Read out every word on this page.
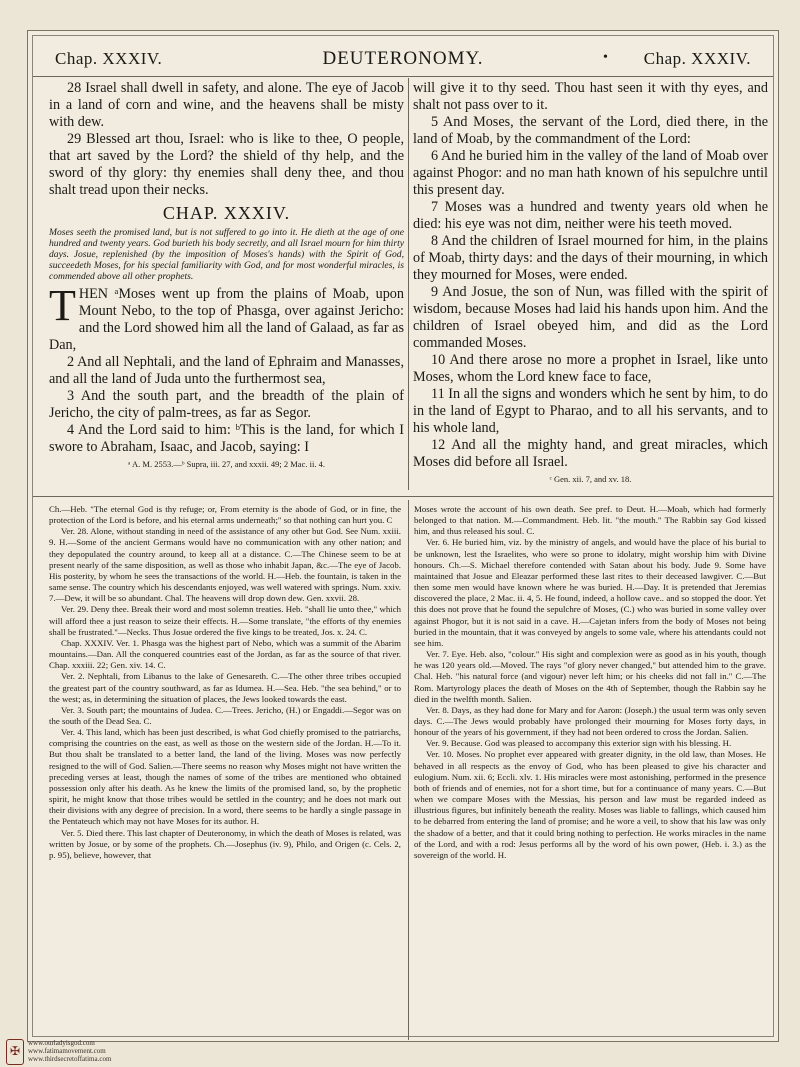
Chap. XXXIV.	DEUTERONOMY.	• Chap. XXXIV.

28 Israel shall dwell in safety, and alone. The eye of Jacob in a land of corn and wine, and the heavens shall be misty with dew.

29 Blessed art thou, Israel: who is like to thee, O people, that art saved by the Lord? the shield of thy help, and the sword of thy glory: thy enemies shall deny thee, and thou shalt tread upon their necks.

CHAP. XXXIV.

Moses seeth the promised land, but is not suffered to go into it. He dieth at the age of one hundred and twenty years. God burieth his body secretly, and all Israel mourn for him thirty days. Josue, replenished (by the imposition of Moses's hands) with the Spirit of God, succeedeth Moses, for his special familiarity with God, and for most wonderful miracles, is commended above all other prophets.

THEN ᵃMoses went up from the plains of Moab, upon Mount Nebo, to the top of Phasga, over against Jericho: and the Lord showed him all the land of Galaad, as far as Dan,

2 And all Nephtali, and the land of Ephraim and Manasses, and all the land of Juda unto the furthermost sea,

3 And the south part, and the breadth of the plain of Jericho, the city of palm-trees, as far as Segor.

4 And the Lord said to him: ᵇThis is the land, for which I swore to Abraham, Isaac, and Jacob, saying: I

ᵃ A. M. 2553.—ᵇ Supra, iii. 27, and xxxii. 49; 2 Mac. ii. 4.

will give it to thy seed. Thou hast seen it with thy eyes, and shalt not pass over to it.

5 And Moses, the servant of the Lord, died there, in the land of Moab, by the commandment of the Lord:

6 And he buried him in the valley of the land of Moab over against Phogor: and no man hath known of his sepulchre until this present day.

7 Moses was a hundred and twenty years old when he died: his eye was not dim, neither were his teeth moved.

8 And the children of Israel mourned for him, in the plains of Moab, thirty days: and the days of their mourning, in which they mourned for Moses, were ended.

9 And Josue, the son of Nun, was filled with the spirit of wisdom, because Moses had laid his hands upon him. And the children of Israel obeyed him, and did as the Lord commanded Moses.

10 And there arose no more a prophet in Israel, like unto Moses, whom the Lord knew face to face,

11 In all the signs and wonders which he sent by him, to do in the land of Egypt to Pharao, and to all his servants, and to his whole land,

12 And all the mighty hand, and great miracles, which Moses did before all Israel.

ᶜ Gen. xii. 7, and xv. 18.

Ch.—Heb. "The eternal God is thy refuge; or, From eternity is the abode of God, or in fine, the protection of the Lord is before, and his eternal arms underneath;" so that nothing can hurt you. C

Ver. 28. Alone, without standing in need of the assistance of any other but God. See Num. xxiii. 9. H.—Some of the ancient Germans would have no communication with any other nation; and they depopulated the country around, to keep all at a distance. C.—The Chinese seem to be at present nearly of the same disposition, as well as those who inhabit Japan, &c.—The eye of Jacob. His posterity, by whom he sees the transactions of the world. H.—Heb. the fountain, is taken in the same sense. The country which his descendants enjoyed, was well watered with springs. Num. xxiv. 7.—Dew, it will be so abundant. Chal. The heavens will drop down dew. Gen. xxvii. 28.

Ver. 29. Deny thee. Break their word and most solemn treaties. Heb. "shall lie unto thee," which will afford thee a just reason to seize their effects. H.—Some translate, "the efforts of thy enemies shall be frustrated."—Necks. Thus Josue ordered the five kings to be treated, Jos. x. 24. C.

Chap. XXXIV. Ver. 1. Phasga was the highest part of Nebo, which was a summit of the Abarim mountains.—Dan. All the conquered countries east of the Jordan, as far as the source of that river. Chap. xxxiii. 22; Gen. xiv. 14. C.

Ver. 2. Nephtali, from Libanus to the lake of Genesareth. C.—The other three tribes occupied the greatest part of the country southward, as far as Idumea. H.—Sea. Heb. "the sea behind," or to the west; as, in determining the situation of places, the Jews looked towards the east.

Ver. 3. South part; the mountains of Judea. C.—Trees. Jericho, (H.) or Engaddi.—Segor was on the south of the Dead Sea. C.

Ver. 4. This land, which has been just described, is what God chiefly promised to the patriarchs, comprising the countries on the east, as well as those on the western side of the Jordan. H.—To it. But thou shalt be translated to a better land, the land of the living. Moses was now perfectly resigned to the will of God. Salien.—There seems no reason why Moses might not have written the preceding verses at least, though the names of some of the tribes are mentioned who obtained possession only after his death. As he knew the limits of the promised land, so, by the prophetic spirit, he might know that those tribes would be settled in the country; and he does not mark out their divisions with any degree of precision. In a word, there seems to be hardly a single passage in the Pentateuch which may not have Moses for its author. H.

Ver. 5. Died there. This last chapter of Deuteronomy, in which the death of Moses is related, was written by Josue, or by some of the prophets. Ch.—Josephus (iv. 9), Philo, and Origen (c. Cels. 2, p. 95), believe, however, that

Moses wrote the account of his own death. See pref. to Deut. H.—Moab, which had formerly belonged to that nation. M.—Commandment. Heb. lit. "the mouth." The Rabbin say God kissed him, and thus released his soul. C.

Ver. 6. He buried him, viz. by the ministry of angels, and would have the place of his burial to be unknown, lest the Israelites, who were so prone to idolatry, might worship him with Divine honours. Ch.—S. Michael therefore contended with Satan about his body. Jude 9. Some have maintained that Josue and Eleazar performed these last rites to their deceased lawgiver. C.—But then some men would have known where he was buried. H.—Day. It is pretended that Jeremias discovered the place, 2 Mac. ii. 4, 5. He found, indeed, a hollow cave.. and so stopped the door. Yet this does not prove that he found the sepulchre of Moses, (C.) who was buried in some valley over against Phogor, but it is not said in a cave. H.—Cajetan infers from the body of Moses not being buried in the mountain, that it was conveyed by angels to some vale, where his attendants could not see him.

Ver. 7. Eye. Heb. also, "colour." His sight and complexion were as good as in his youth, though he was 120 years old.—Moved. The rays "of glory never changed," but attended him to the grave. Chal. Heb. "his natural force (and vigour) never left him; or his cheeks did not fall in." C.—The Rom. Martyrology places the death of Moses on the 4th of September, though the Rabbin say he died in the twelfth month. Salien.

Ver. 8. Days, as they had done for Mary and for Aaron: (Joseph.) the usual term was only seven days. C.—The Jews would probably have prolonged their mourning for Moses forty days, in honour of the years of his government, if they had not been ordered to cross the Jordan. Salien.

Ver. 9. Because. God was pleased to accompany this exterior sign with his blessing. H.

Ver. 10. Moses. No prophet ever appeared with greater dignity, in the old law, than Moses. He behaved in all respects as the envoy of God, who has been pleased to give his character and eulogium. Num. xii. 6; Eccli. xlv. 1. His miracles were most astonishing, performed in the presence both of friends and of enemies, not for a short time, but for a continuance of many years. C.—But when we compare Moses with the Messias, his person and law must be regarded indeed as illustrious figures, but infinitely beneath the reality. Moses was liable to fallings, which caused him to be debarred from entering the land of promise; and he wore a veil, to show that his law was only the shadow of a better, and that it could bring nothing to perfection. He works miracles in the name of the Lord, and with a rod: Jesus performs all by the word of his own power, (Heb. i. 3.) as the sovereign of the world. H.

✠
www.ourladyisgod.com
www.fatimamovement.com
www.thirdsecretoffatima.com
